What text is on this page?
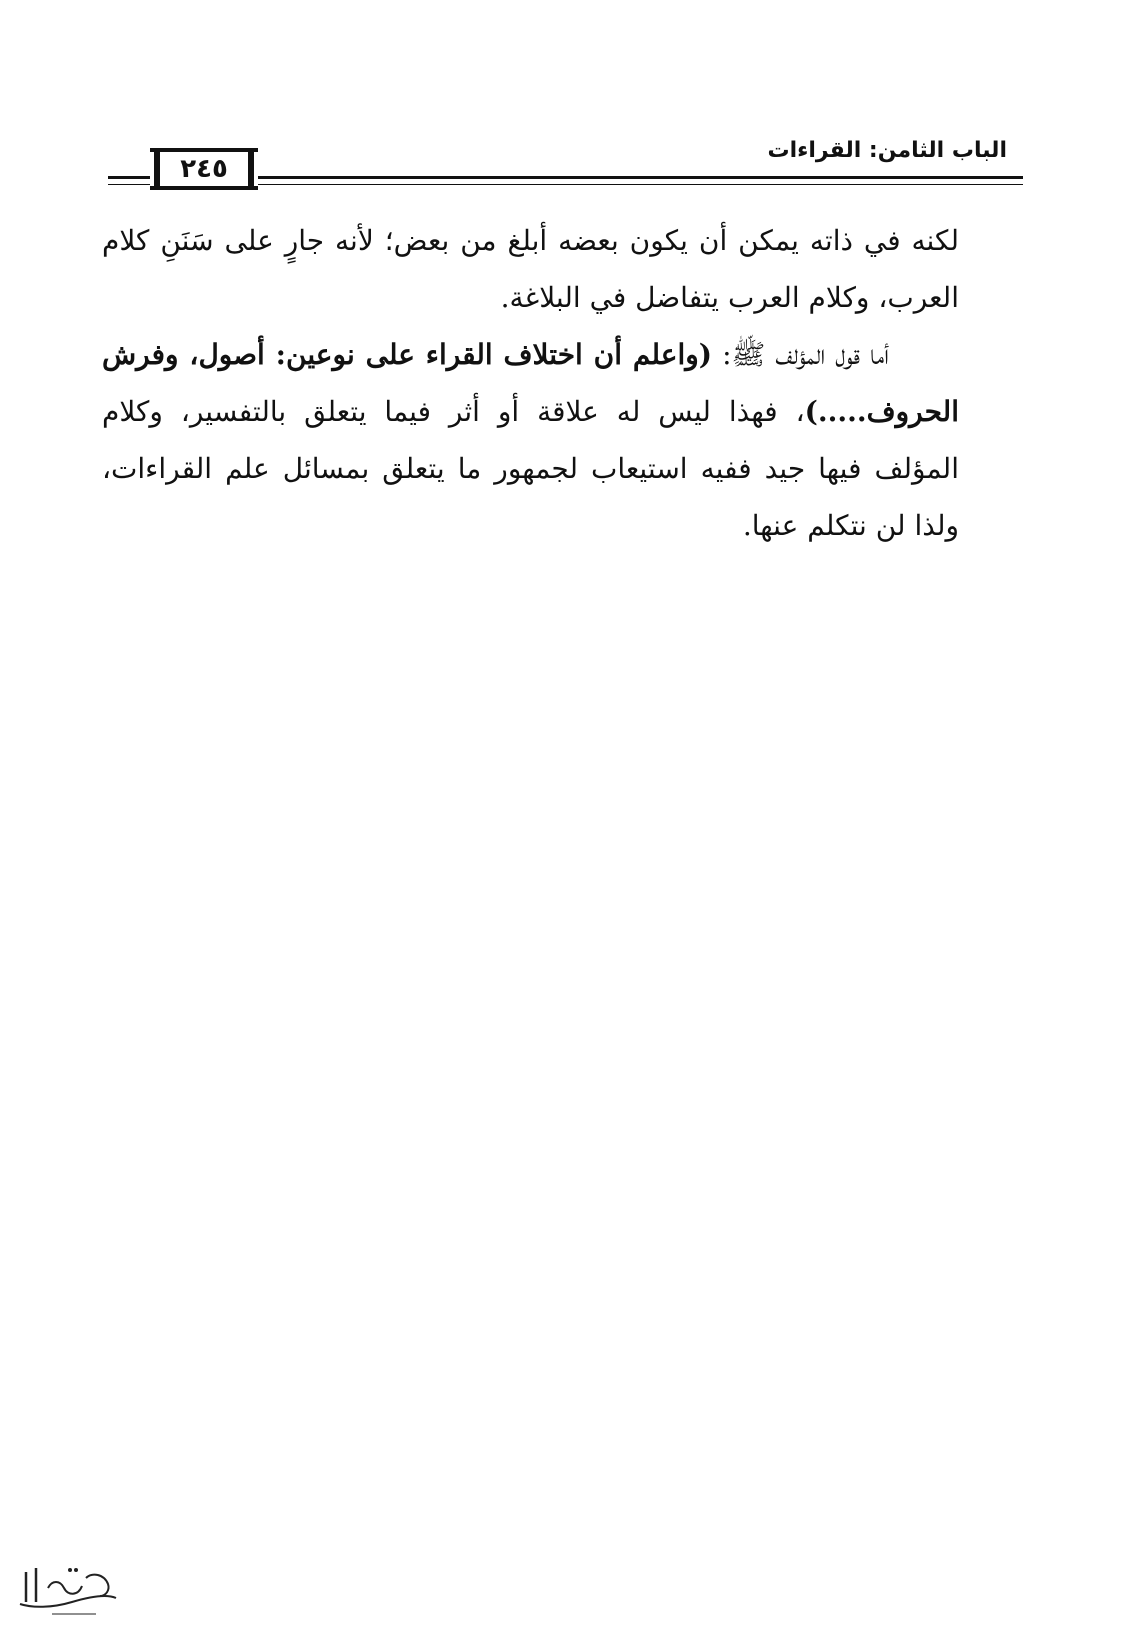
الباب الثامن: القراءات
٢٤٥

لكنه في ذاته يمكن أن يكون بعضه أبلغ من بعض؛ لأنه جارٍ على سَنَنِ كلام العرب، وكلام العرب يتفاضل في البلاغة.

أما قول المؤلف ﷺ: (واعلم أن اختلاف القراء على نوعين: أصول، وفرش الحروف.....)، فهذا ليس له علاقة أو أثر فيما يتعلق بالتفسير، وكلام المؤلف فيها جيد ففيه استيعاب لجمهور ما يتعلق بمسائل علم القراءات، ولذا لن نتكلم عنها.
